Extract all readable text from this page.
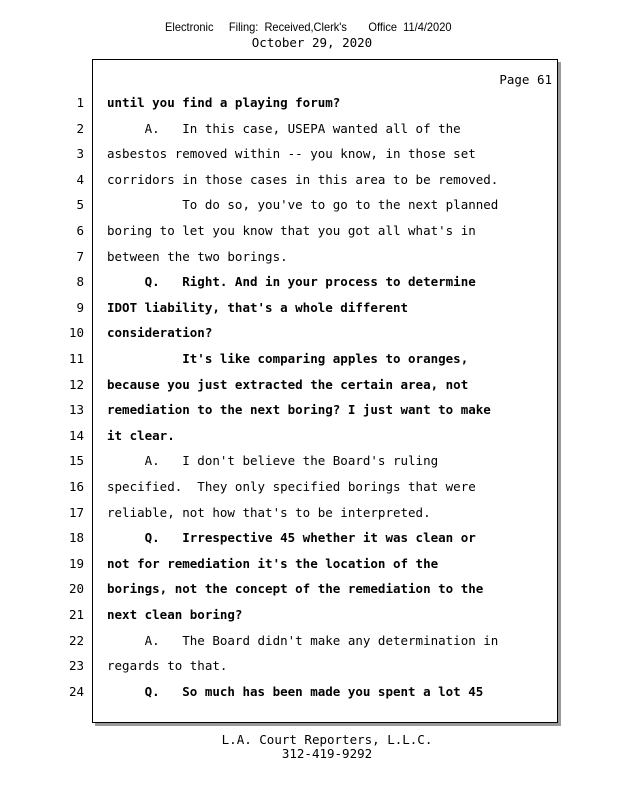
Electronic     Filing:  Received,Clerk's       Office  11/4/2020
October 29, 2020
Page 61
1 until you find a playing forum?
2 A.   In this case, USEPA wanted all of the
3 asbestos removed within -- you know, in those set
4 corridors in those cases in this area to be removed.
5 To do so, you've to go to the next planned
6 boring to let you know that you got all what's in
7 between the two borings.
8 Q.   Right. And in your process to determine
9 IDOT liability, that's a whole different
10 consideration?
11 It's like comparing apples to oranges,
12 because you just extracted the certain area, not
13 remediation to the next boring? I just want to make
14 it clear.
15 A.   I don't believe the Board's ruling
16 specified.  They only specified borings that were
17 reliable, not how that's to be interpreted.
18 Q.   Irrespective 45 whether it was clean or
19 not for remediation it's the location of the
20 borings, not the concept of the remediation to the
21 next clean boring?
22 A.   The Board didn't make any determination in
23 regards to that.
24 Q.   So much has been made you spent a lot 45
L.A. Court Reporters, L.L.C.
312-419-9292
